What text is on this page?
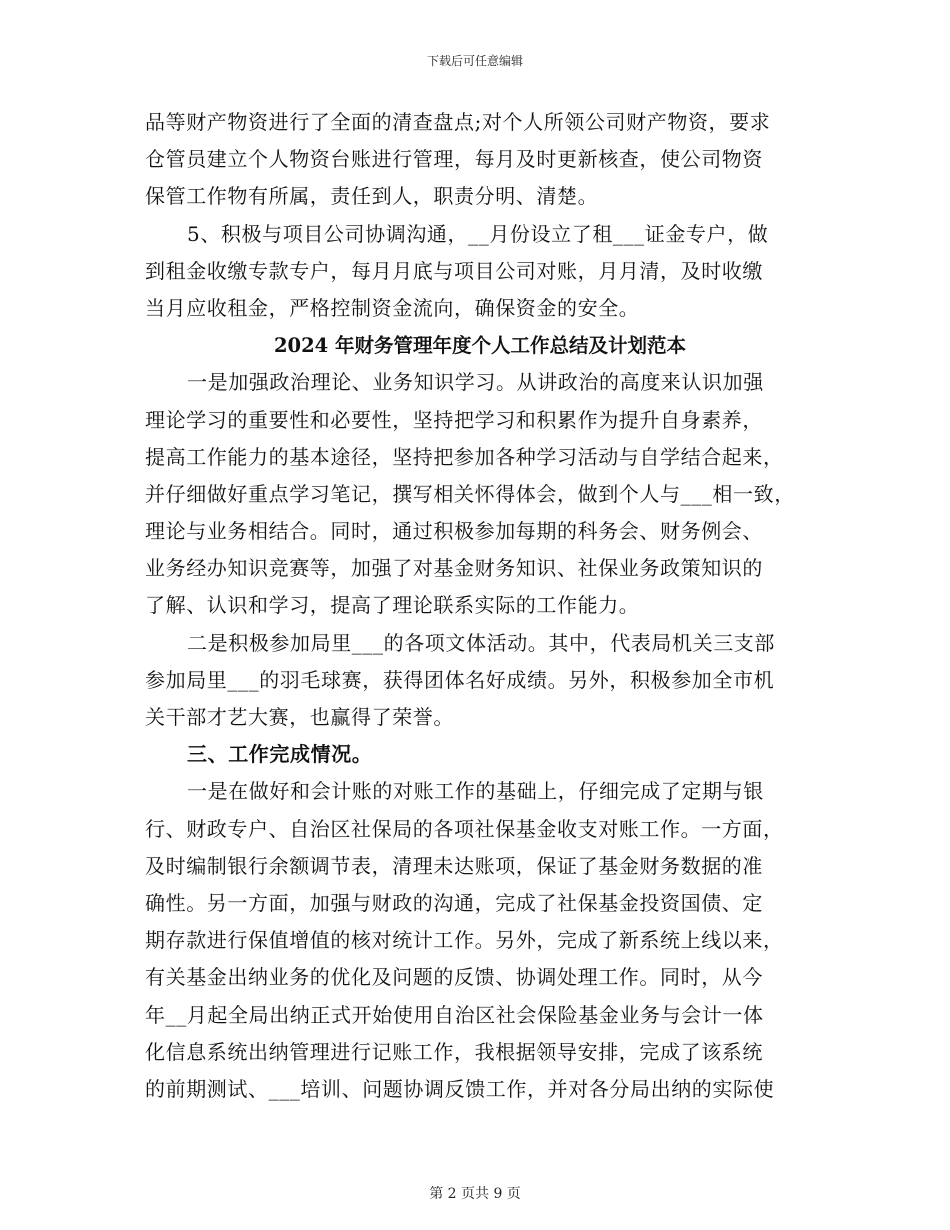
下载后可任意编辑
品等财产物资进行了全面的清查盘点;对个人所领公司财产物资，要求
仓管员建立个人物资台账进行管理，每月及时更新核查，使公司物资
保管工作物有所属，责任到人，职责分明、清楚。
5、积极与项目公司协调沟通，__月份设立了租___证金专户，做
到租金收缴专款专户，每月月底与项目公司对账，月月清，及时收缴
当月应收租金，严格控制资金流向，确保资金的安全。
2024 年财务管理年度个人工作总结及计划范本
一是加强政治理论、业务知识学习。从讲政治的高度来认识加强
理论学习的重要性和必要性，坚持把学习和积累作为提升自身素养，
提高工作能力的基本途径，坚持把参加各种学习活动与自学结合起来，
并仔细做好重点学习笔记，撰写相关怀得体会，做到个人与___相一致，
理论与业务相结合。同时，通过积极参加每期的科务会、财务例会、
业务经办知识竞赛等，加强了对基金财务知识、社保业务政策知识的
了解、认识和学习，提高了理论联系实际的工作能力。
二是积极参加局里___的各项文体活动。其中，代表局机关三支部
参加局里___的羽毛球赛，获得团体名好成绩。另外，积极参加全市机
关干部才艺大赛，也赢得了荣誉。
三、工作完成情况。
一是在做好和会计账的对账工作的基础上，仔细完成了定期与银
行、财政专户、自治区社保局的各项社保基金收支对账工作。一方面，
及时编制银行余额调节表，清理未达账项，保证了基金财务数据的准
确性。另一方面，加强与财政的沟通，完成了社保基金投资国债、定
期存款进行保值增值的核对统计工作。另外，完成了新系统上线以来，
有关基金出纳业务的优化及问题的反馈、协调处理工作。同时，从今
年__月起全局出纳正式开始使用自治区社会保险基金业务与会计一体
化信息系统出纳管理进行记账工作，我根据领导安排，完成了该系统
的前期测试、___培训、问题协调反馈工作，并对各分局出纳的实际使
第 2 页共 9 页
